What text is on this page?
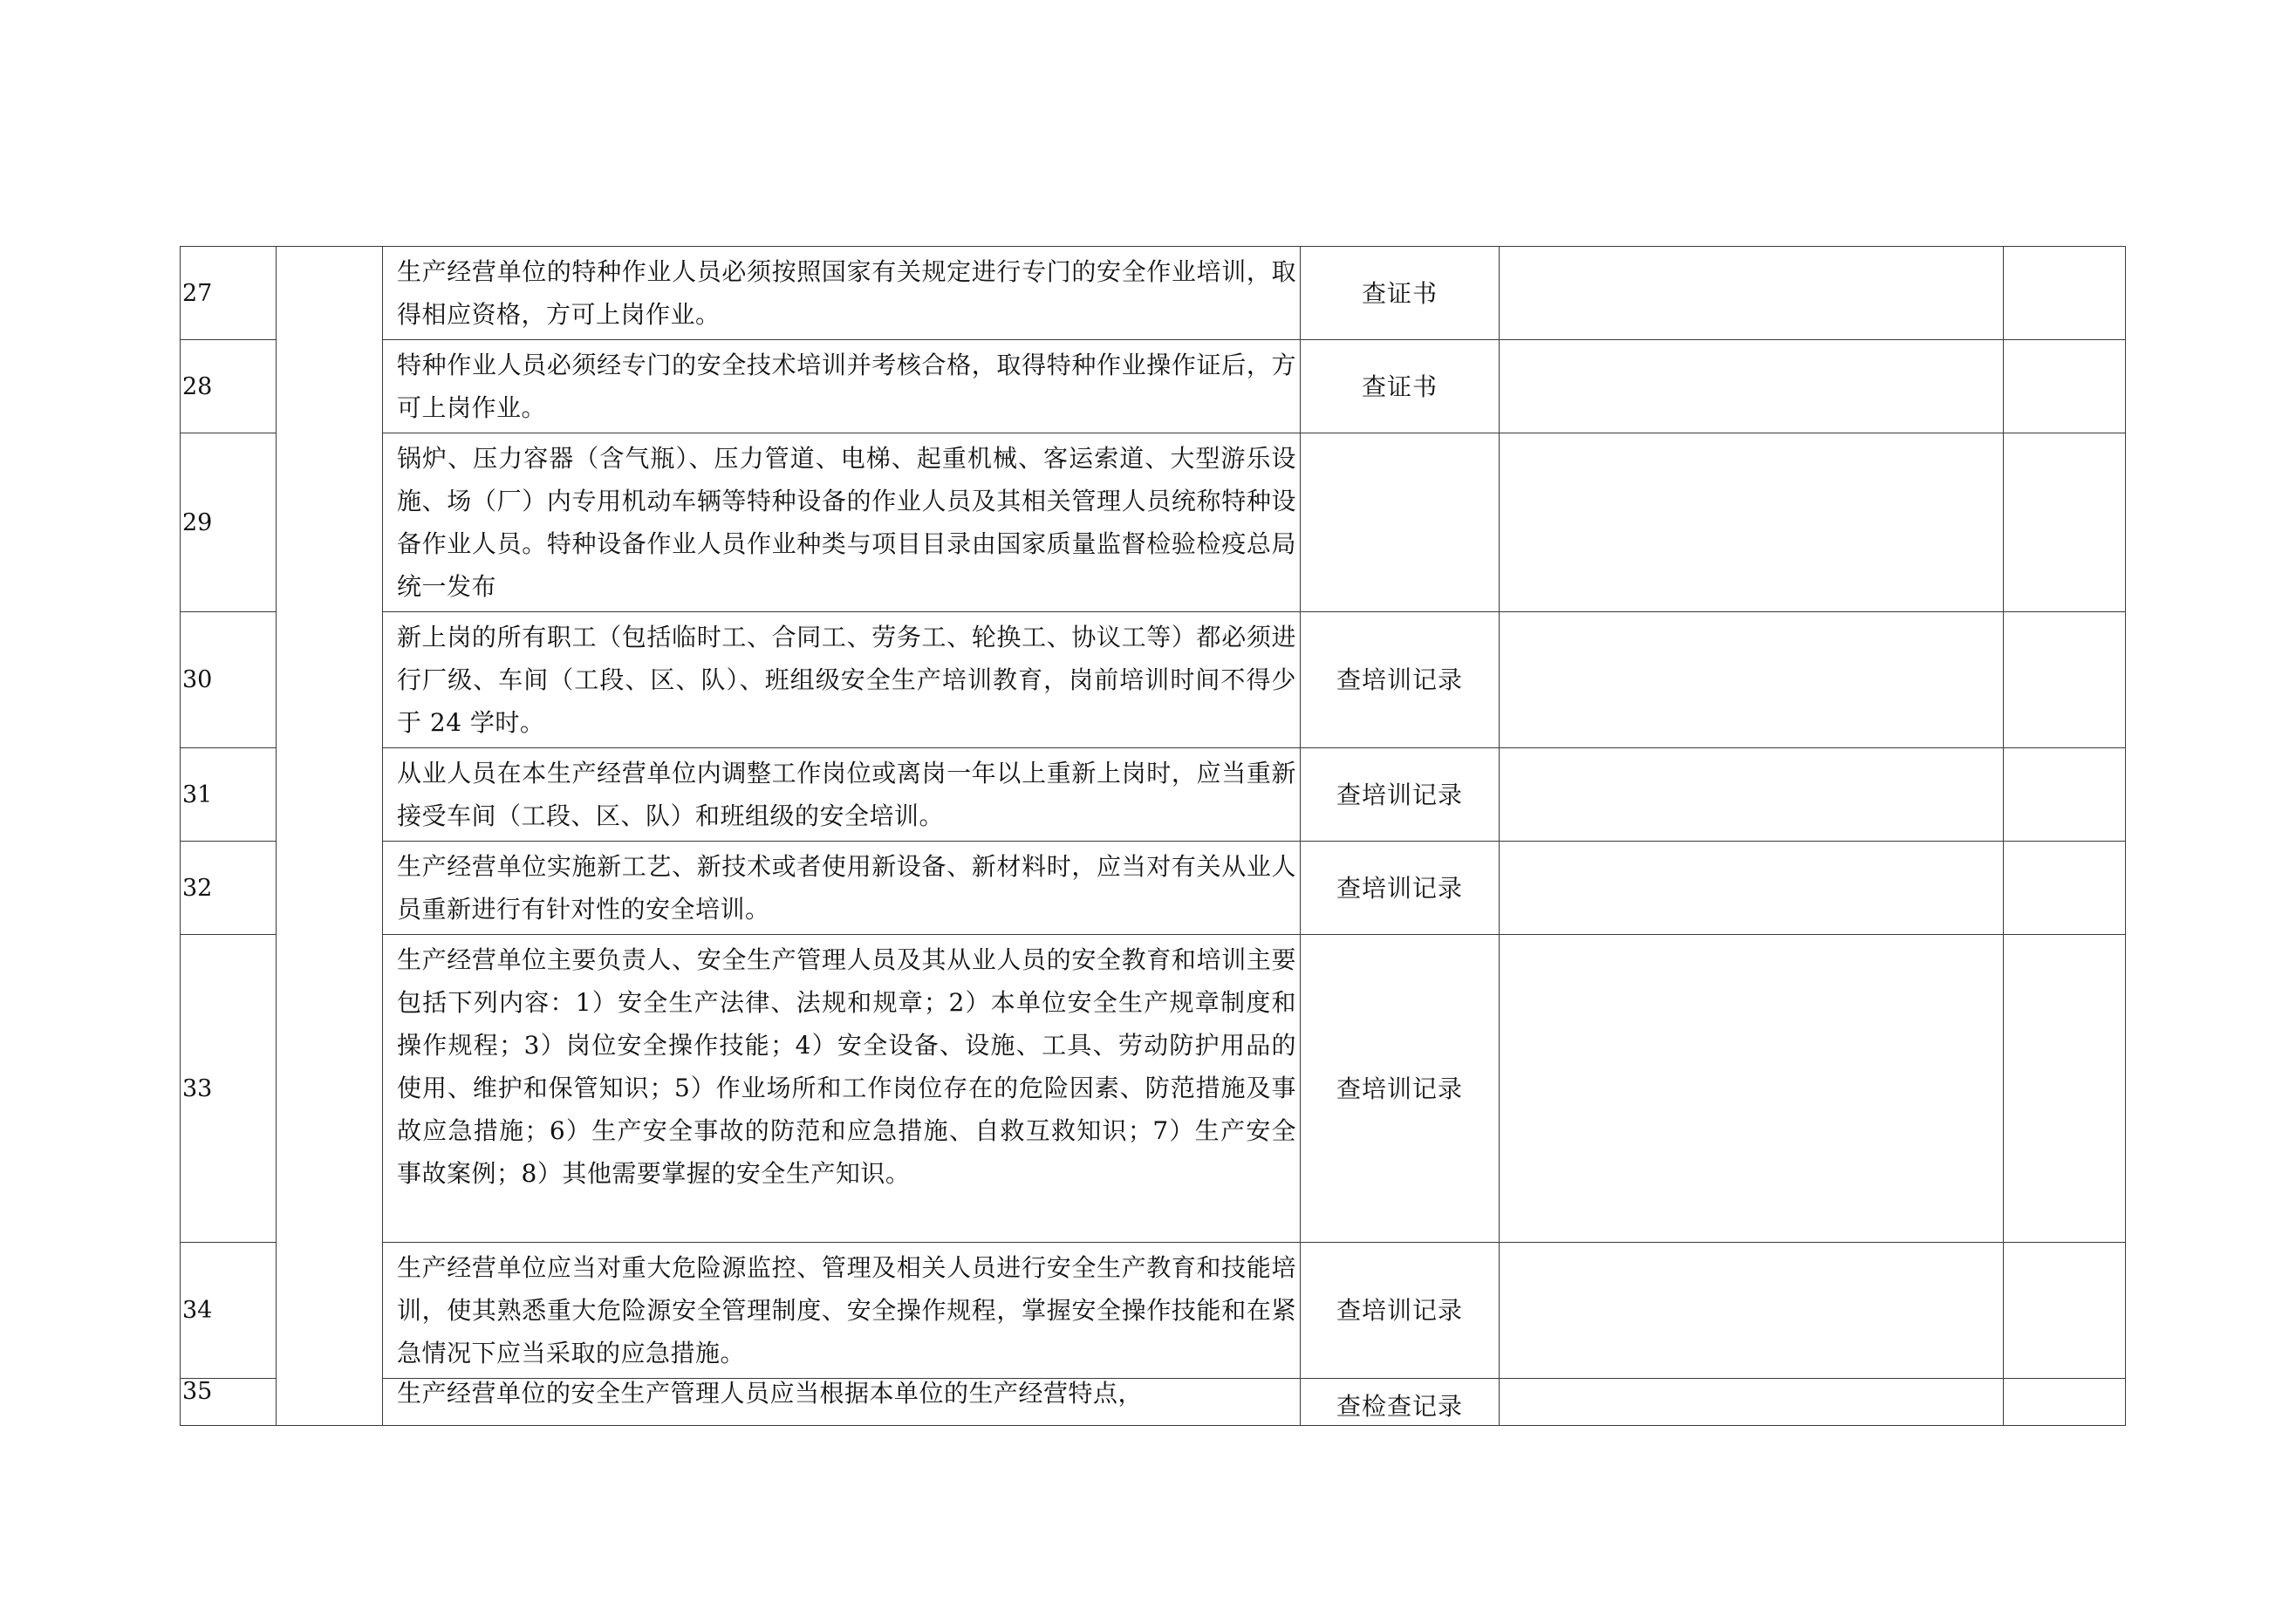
27		生产经营单位的特种作业人员必须按照国家有关规定进行专门的安全作业培训，取得相应资格，方可上岗作业。	查证书		
28		特种作业人员必须经专门的安全技术培训并考核合格，取得特种作业操作证后，方可上岗作业。	查证书		
29		锅炉、压力容器（含气瓶）、压力管道、电梯、起重机械、客运索道、大型游乐设施、场（厂）内专用机动车辆等特种设备的作业人员及其相关管理人员统称特种设备作业人员。特种设备作业人员作业种类与项目目录由国家质量监督检验检疫总局统一发布			
30		新上岗的所有职工（包括临时工、合同工、劳务工、轮换工、协议工等）都必须进行厂级、车间（工段、区、队）、班组级安全生产培训教育，岗前培训时间不得少于 24 学时。	查培训记录		
31		从业人员在本生产经营单位内调整工作岗位或离岗一年以上重新上岗时，应当重新接受车间（工段、区、队）和班组级的安全培训。	查培训记录		
32		生产经营单位实施新工艺、新技术或者使用新设备、新材料时，应当对有关从业人员重新进行有针对性的安全培训。	查培训记录		
33		生产经营单位主要负责人、安全生产管理人员及其从业人员的安全教育和培训主要包括下列内容：1）安全生产法律、法规和规章；2）本单位安全生产规章制度和操作规程；3）岗位安全操作技能；4）安全设备、设施、工具、劳动防护用品的使用、维护和保管知识；5）作业场所和工作岗位存在的危险因素、防范措施及事故应急措施；6）生产安全事故的防范和应急措施、自救互救知识；7）生产安全事故案例；8）其他需要掌握的安全生产知识。	查培训记录		
34		生产经营单位应当对重大危险源监控、管理及相关人员进行安全生产教育和技能培训，使其熟悉重大危险源安全管理制度、安全操作规程，掌握安全操作技能和在紧急情况下应当采取的应急措施。	查培训记录		
35		生产经营单位的安全生产管理人员应当根据本单位的生产经营特点，	查检查记录		
